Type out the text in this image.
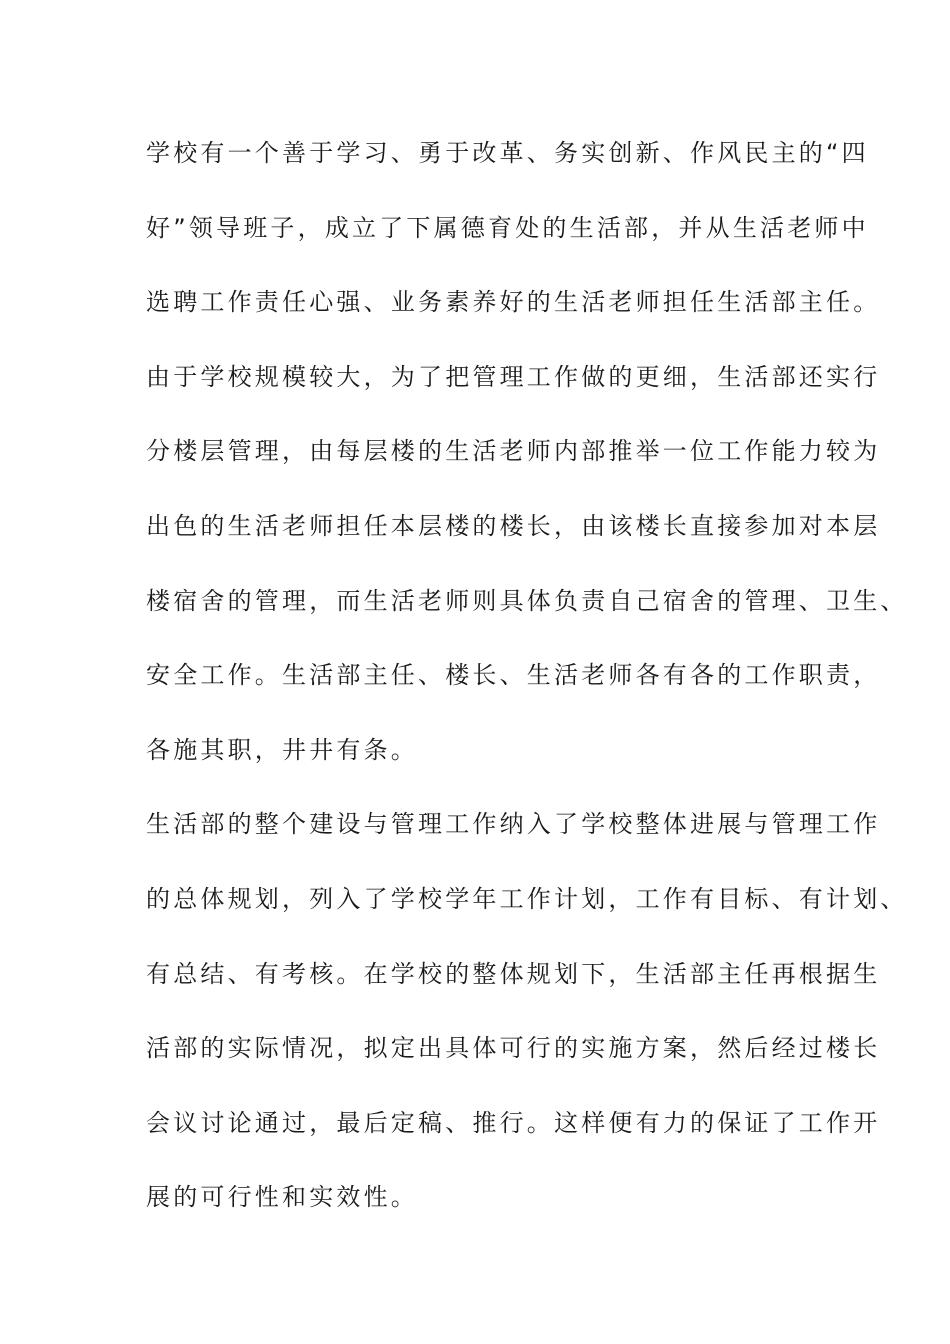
学校有一个善于学习、勇于改革、务实创新、作风民主的“四
好”领导班子，成立了下属德育处的生活部，并从生活老师中
选聘工作责任心强、业务素养好的生活老师担任生活部主任。
由于学校规模较大，为了把管理工作做的更细，生活部还实行
分楼层管理，由每层楼的生活老师内部推举一位工作能力较为
出色的生活老师担任本层楼的楼长，由该楼长直接参加对本层
楼宿舍的管理，而生活老师则具体负责自己宿舍的管理、卫生、
安全工作。生活部主任、楼长、生活老师各有各的工作职责，
各施其职，井井有条。
生活部的整个建设与管理工作纳入了学校整体进展与管理工作
的总体规划，列入了学校学年工作计划，工作有目标、有计划、
有总结、有考核。在学校的整体规划下，生活部主任再根据生
活部的实际情况，拟定出具体可行的实施方案，然后经过楼长
会议讨论通过，最后定稿、推行。这样便有力的保证了工作开
展的可行性和实效性。
